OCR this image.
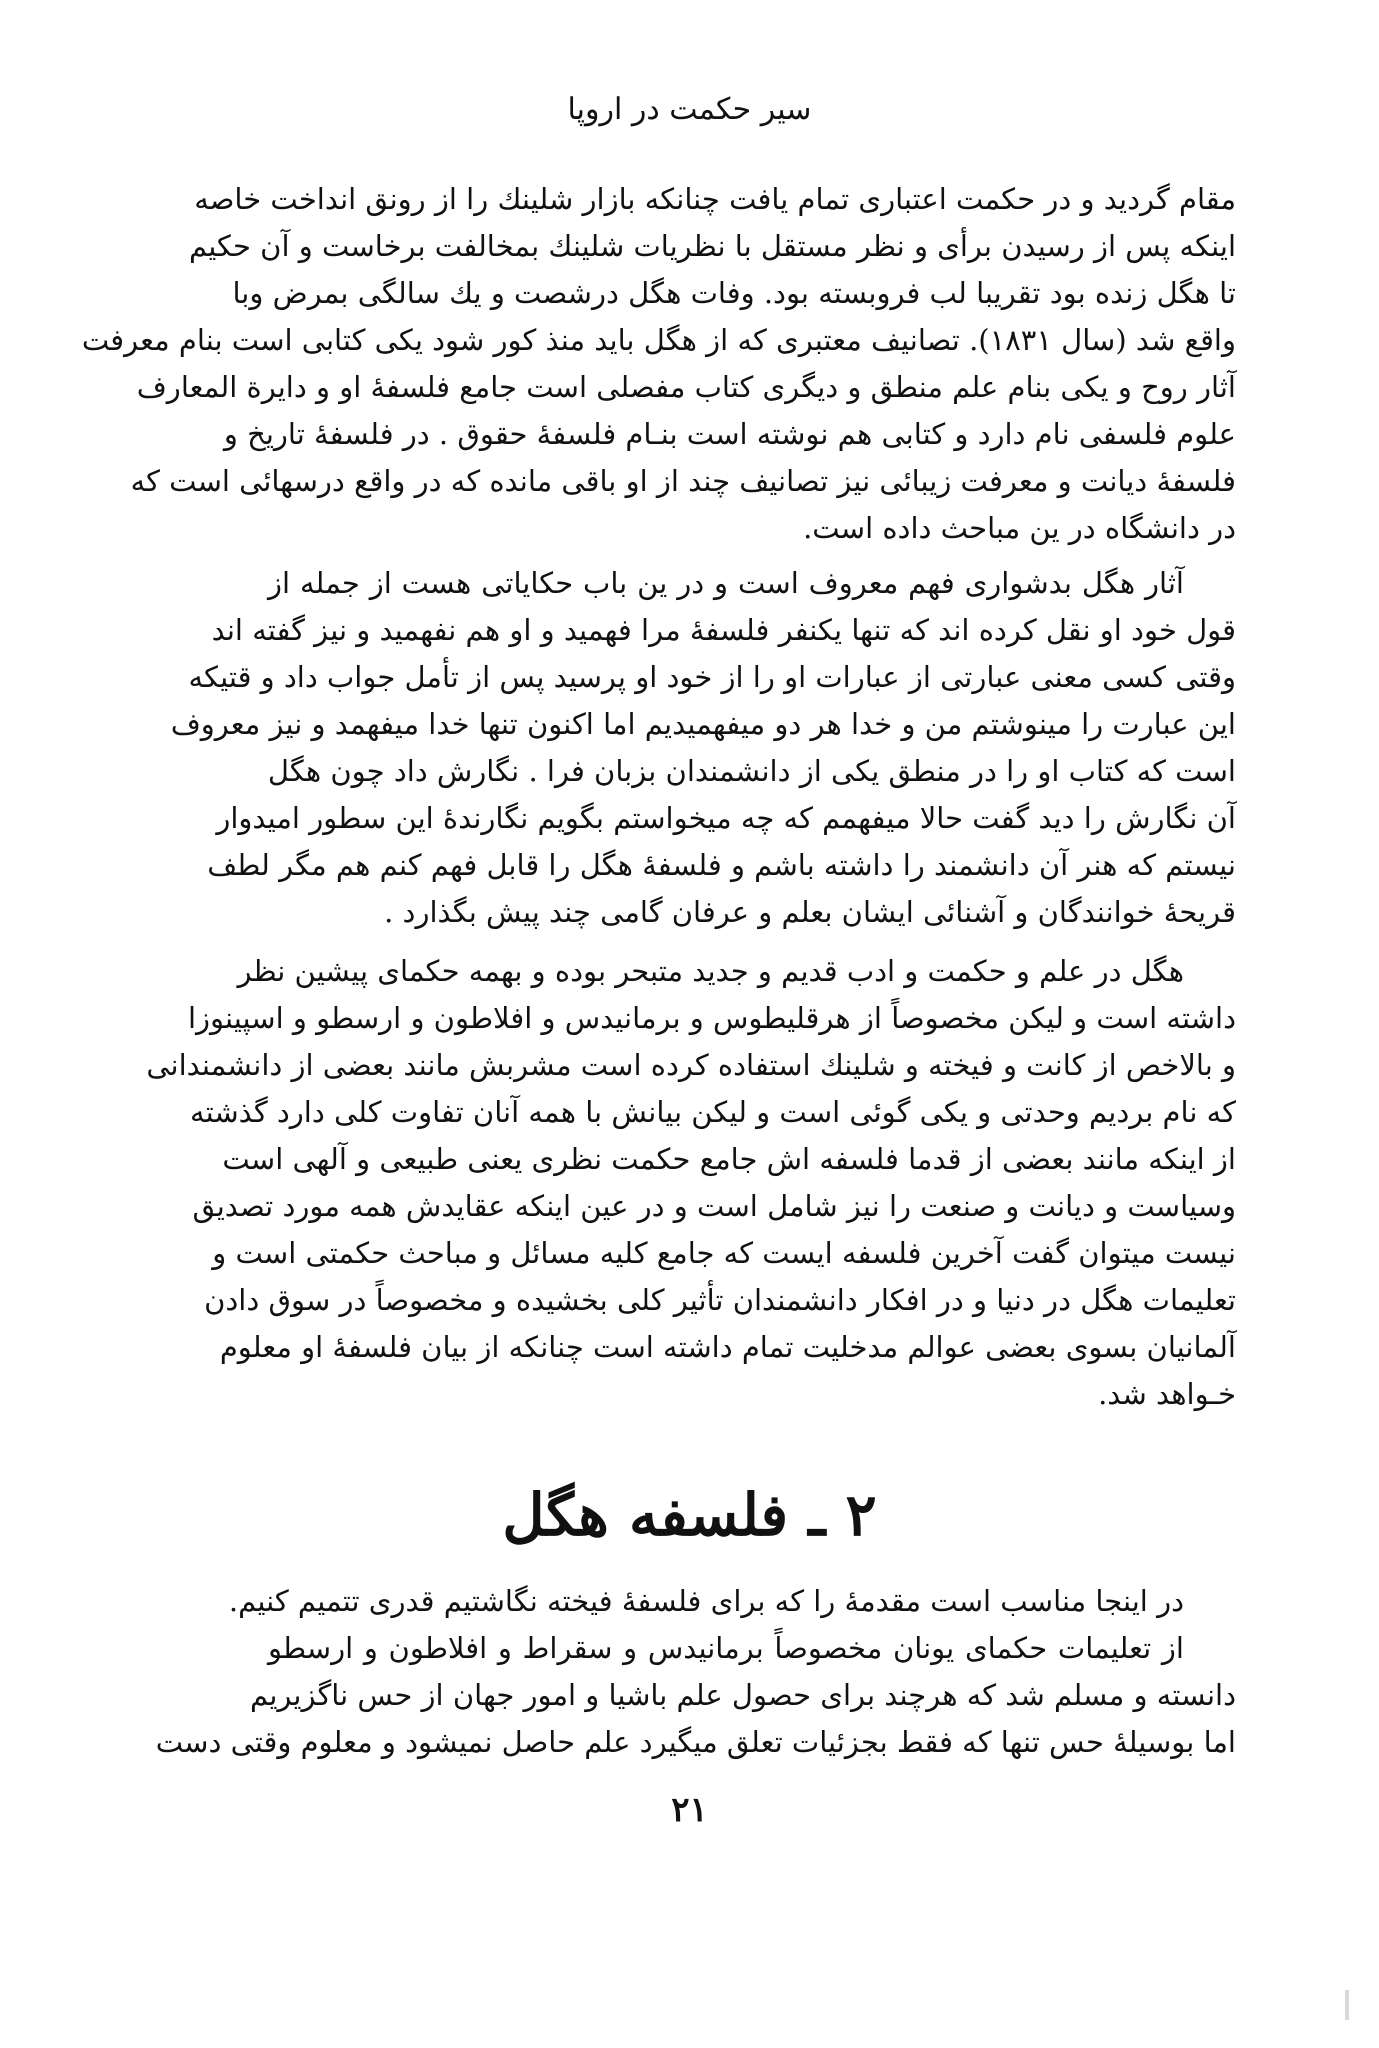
سیر حکمت در اروپا
مقام گردید و در حکمت اعتباری تمام یافت چنانکه بازار شلینك را از رونق انداخت خاصه
اینکه پس از رسیدن برأی و نظر مستقل با نظریات شلینك بمخالفت برخاست و آن حکیم
تا هگل زنده بود تقریبا لب فروبسته بود. وفات هگل درشصت و یك سالگی بمرض وبا
واقع شد (سال ۱۸۳۱). تصانیف معتبری که از هگل باید منذ کور شود یکی کتابی است بنام معرفت
آثار روح و یکی بنام علم منطق و دیگری کتاب مفصلی است جامع فلسفهٔ او و دایرة المعارف
علوم فلسفی نام دارد و کتابی هم نوشته است بنـام فلسفهٔ حقوق . در فلسفهٔ تاریخ و
فلسفهٔ دیانت و معرفت زیبائی نیز تصانیف چند از او باقی مانده که در واقع درسهائی است که
در دانشگاه در ین مباحث داده است.
آثار هگل بدشواری فهم معروف است و در ین باب حکایاتی هست از جمله از
قول خود او نقل کرده اند که تنها یکنفر فلسفهٔ مرا فهمید و او هم نفهمید و نیز گفته اند
وقتی کسی معنی عبارتی از عبارات او را از خود او پرسید پس از تأمل جواب داد و قتیکه
این عبارت را مینوشتم من و خدا هر دو میفهمیدیم اما اکنون تنها خدا میفهمد و نیز معروف
است که کتاب او را در منطق یکی از دانشمندان بزبان فرا . نگارش داد چون هگل
آن نگارش را دید گفت حالا میفهمم که چه میخواستم بگویم نگارندهٔ این سطور امیدوار
نیستم که هنر آن دانشمند را داشته باشم و فلسفهٔ هگل را قابل فهم کنم هم مگر لطف
قریحهٔ خوانندگان و آشنائی ایشان بعلم و عرفان گامی چند پیش بگذارد .
هگل در علم و حکمت و ادب قدیم و جدید متبحر بوده و بهمه حکمای پیشین نظر
داشته است و لیکن مخصوصاً از هرقلیطوس و برمانیدس و افلاطون و ارسطو و اسپینوزا
و بالاخص از کانت و فیخته و شلینك استفاده کرده است مشربش مانند بعضی از دانشمندانی
که نام بردیم وحدتی و یکی گوئی است و لیکن بیانش با همه آنان تفاوت کلی دارد گذشته
از اینکه مانند بعضی از قدما فلسفه اش جامع حکمت نظری یعنی طبیعی و آلهی است
وسیاست و دیانت و صنعت را نیز شامل است و در عین اینکه عقایدش همه مورد تصدیق
نیست میتوان گفت آخرین فلسفه ایست که جامع کلیه مسائل و مباحث حکمتی است و
تعلیمات هگل در دنیا و در افکار دانشمندان تأثیر کلی بخشیده و مخصوصاً در سوق دادن
آلمانیان بسوی بعضی عوالم مدخلیت تمام داشته است چنانکه از بیان فلسفهٔ او معلوم
خـواهد شد.
۲ ـ فلسفه هگل
در اینجا مناسب است مقدمهٔ را که برای فلسفهٔ فیخته نگاشتیم قدری تتمیم کنیم.
از تعلیمات حکمای یونان مخصوصاً برمانیدس و سقراط و افلاطون و ارسطو
دانسته و مسلم شد که هرچند برای حصول علم باشیا و امور جهان از حس ناگزیریم
اما بوسیلهٔ حس تنها که فقط بجزئیات تعلق میگیرد علم حاصل نمیشود و معلوم وقتی دست
۲۱
